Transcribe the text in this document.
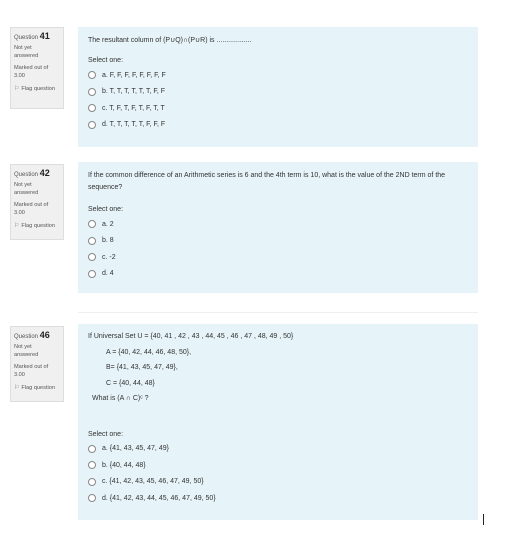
Question 41
Not yet
answered
Marked out of
3.00
⚐ Flag question
The resultant column of (P∪Q)∩(P∪R) is ..................
Select one:
a. F, F, F, F, F, F, F, F
b. T, T, T, T, T, T, F, F
c. T, F, T, F, T, F, T, T
d. T, T, T, T, T, F, F, F
Question 42
Not yet
answered
Marked out of
3.00
⚐ Flag question
If the common difference of an Arithmetic series is 6 and the 4th term is 10, what is the value of the 2ND term of the sequence?
Select one:
a. 2
b. 8
c. -2
d. 4
Question 46
Not yet
answered
Marked out of
3.00
⚐ Flag question
If Universal Set U = {40, 41 , 42 , 43 , 44, 45 , 46 , 47 , 48, 49 , 50}
A = {40, 42, 44, 46, 48, 50},
B= {41, 43, 45, 47, 49},
C = {40, 44, 48}
What is (A ∩ C)ᶜ ?
Select one:
a. {41, 43, 45, 47, 49}
b. {40, 44, 48}
c. {41, 42, 43, 45, 46, 47, 49, 50}
d. {41, 42, 43, 44, 45, 46, 47, 49, 50}
